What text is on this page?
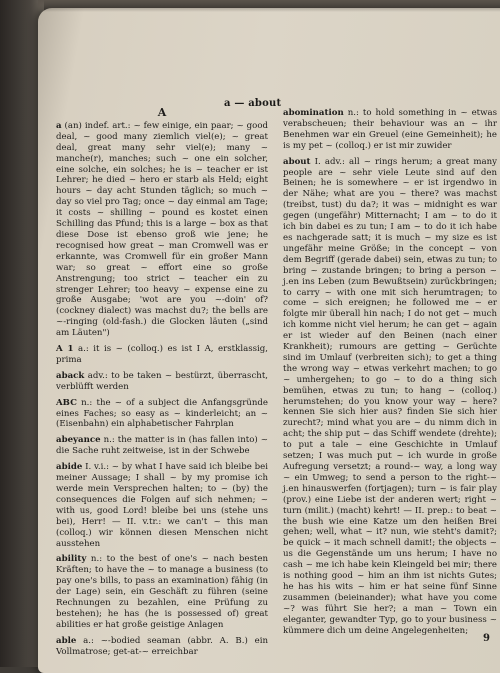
a — about
A

a (an) indef. art.: ~ few einige, ein paar; ~ good deal, ~ good many ziemlich viel(e); ~ great deal, great many sehr viel(e); many ~ manche(r), manches; such ~ one ein solcher, eine solche, ein solches; he is ~ teacher er ist Lehrer; he died ~ hero er starb als Held; eight hours ~ day acht Stunden täglich; so much ~ day so viel pro Tag; once ~ day einmal am Tage; it costs ~ shilling ~ pound es kostet einen Schilling das Pfund; this is a large ~ box as that diese Dose ist ebenso groß wie jene; he recognised how great ~ man Cromwell was er erkannte, was Cromwell für ein großer Mann war; so great ~ effort eine so große Anstrengung; too strict ~ teacher ein zu strenger Lehrer; too heavy ~ expense eine zu große Ausgabe; 'wot are you ~-doin' of? (cockney dialect) was machst du?; the bells are ~-ringing (old-fash.) die Glocken läuten („sind am Läuten")

A 1 a.: it is ~ (colloq.) es ist I A, erstklassig, prima

aback adv.: to be taken ~ bestürzt, überrascht, verblüfft werden

ABC n.: the ~ of a subject die Anfangsgründe eines Faches; so easy as ~ kinderleicht; an ~ (Eisenbahn) ein alphabetischer Fahrplan

abeyance n.: the matter is in (has fallen into) ~ die Sache ruht zeitweise, ist in der Schwebe

abide I. v.i.: ~ by what I have said ich bleibe bei meiner Aussage; I shall ~ by my promise ich werde mein Versprechen halten; to ~ (by) the consequences die Folgen auf sich nehmen; ~ with us, good Lord! bleibe bei uns (stehe uns bei), Herr! — II. v.tr.: we can't ~ this man (colloq.) wir können diesen Menschen nicht ausstehen

ability n.: to the best of one's ~ nach besten Kräften; to have the ~ to manage a business (to pay one's bills, to pass an examination) fähig (in der Lage) sein, ein Geschäft zu führen (seine Rechnungen zu bezahlen, eine Prüfung zu bestehen); he has (he is possessed of) great abilities er hat große geistige Anlagen

able a.: ~-bodied seaman (abbr. A. B.) ein Vollmatrose; get-at-~ erreichbar

abomination n.: to hold something in ~ etwas verabscheuen; their behaviour was an ~ ihr Benehmen war ein Greuel (eine Gemeinheit); he is my pet ~ (colloq.) er ist mir zuwider

about I. adv.: all ~ rings herum; a great many people are ~ sehr viele Leute sind auf den Beinen; he is somewhere ~ er ist irgendwo in der Nähe; what are you ~ there? was machst (treibst, tust) du da?; it was ~ midnight es war gegen (ungefähr) Mitternacht; I am ~ to do it ich bin dabei es zu tun; I am ~ to do it ich habe es nachgerade satt; it is much ~ my size es ist ungefähr meine Größe; in the concept ~ von dem Begriff (gerade dabei) sein, etwas zu tun; to bring ~ zustande bringen; to bring a person ~ j.en ins Leben (zum Bewußtsein) zurückbringen; to carry ~ with one mit sich herumtragen; to come ~ sich ereignen; he followed me ~ er folgte mir überall hin nach; I do not get ~ much ich komme nicht viel herum; he can get ~ again er ist wieder auf den Beinen (nach einer Krankheit); rumours are getting ~ Gerüchte sind im Umlauf (verbreiten sich); to get a thing the wrong way ~ etwas verkehrt machen; to go ~ umhergehen; to go ~ to do a thing sich bemühen, etwas zu tun; to hang ~ (colloq.) herumstehen; do you know your way ~ here? kennen Sie sich hier aus? finden Sie sich hier zurecht?; mind what you are ~ du nimm dich in acht; the ship put ~ das Schiff wendete (drehte); to put a tale ~ eine Geschichte in Umlauf setzen; I was much put ~ ich wurde in große Aufregung versetzt; a round-~ way, a long way ~ ein Umweg; to send a person to the right-~ j.en hinauswerfen (fortjagen); turn ~ is fair play (prov.) eine Liebe ist der anderen wert; right ~ turn (milit.) (macht) kehrt! — II. prep.: to beat ~ the bush wie eine Katze um den heißen Brei gehen; well, what ~ it? nun, wie steht's damit?; be quick ~ it mach schnell damit!; the objects ~ us die Gegenstände um uns herum; I have no cash ~ me ich habe kein Kleingeld bei mir; there is nothing good ~ him an ihm ist nichts Gutes; he has his wits ~ him er hat seine fünf Sinne zusammen (beieinander); what have you come ~? was führt Sie her?; a man ~ Town ein eleganter, gewandter Typ, go to your business ~ kümmere dich um deine Angelegenheiten;

9
